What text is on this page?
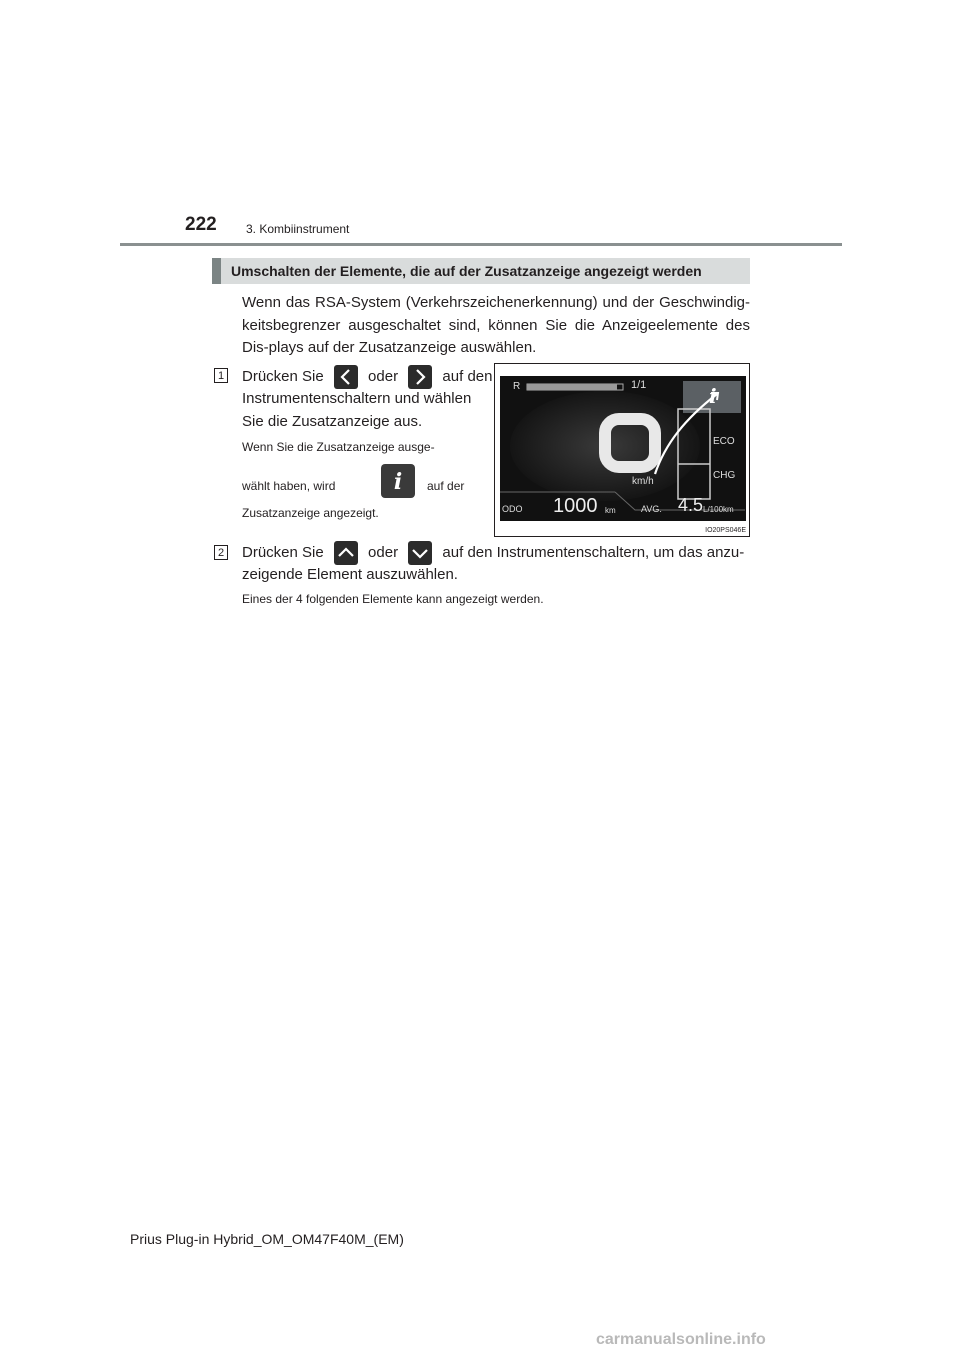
222 3. Kombiinstrument
Umschalten der Elemente, die auf der Zusatzanzeige angezeigt werden
Wenn das RSA-System (Verkehrszeichenerkennung) und der Geschwindig-keitsbegrenzer ausgeschaltet sind, können Sie die Anzeigeelemente des Dis-plays auf der Zusatzanzeige auswählen.
1 Drücken Sie	oder	auf den
Instrumentenschaltern und wählen
Sie die Zusatzanzeige aus.
Wenn Sie die Zusatzanzeige ausge-
wählt haben, wird	i auf der
Zusatzanzeige angezeigt.
R	1/1	i
ECO
CHG
km/h
ODO 1000 km	AVG. 4.5 L/100km
IO20PS046E
2 Drücken Sie	oder	auf den Instrumentenschaltern, um das anzu-
zeigende Element auszuwählen.
Eines der 4 folgenden Elemente kann angezeigt werden.
Prius Plug-in Hybrid_OM_OM47F40M_(EM)
carmanualsonline.info
